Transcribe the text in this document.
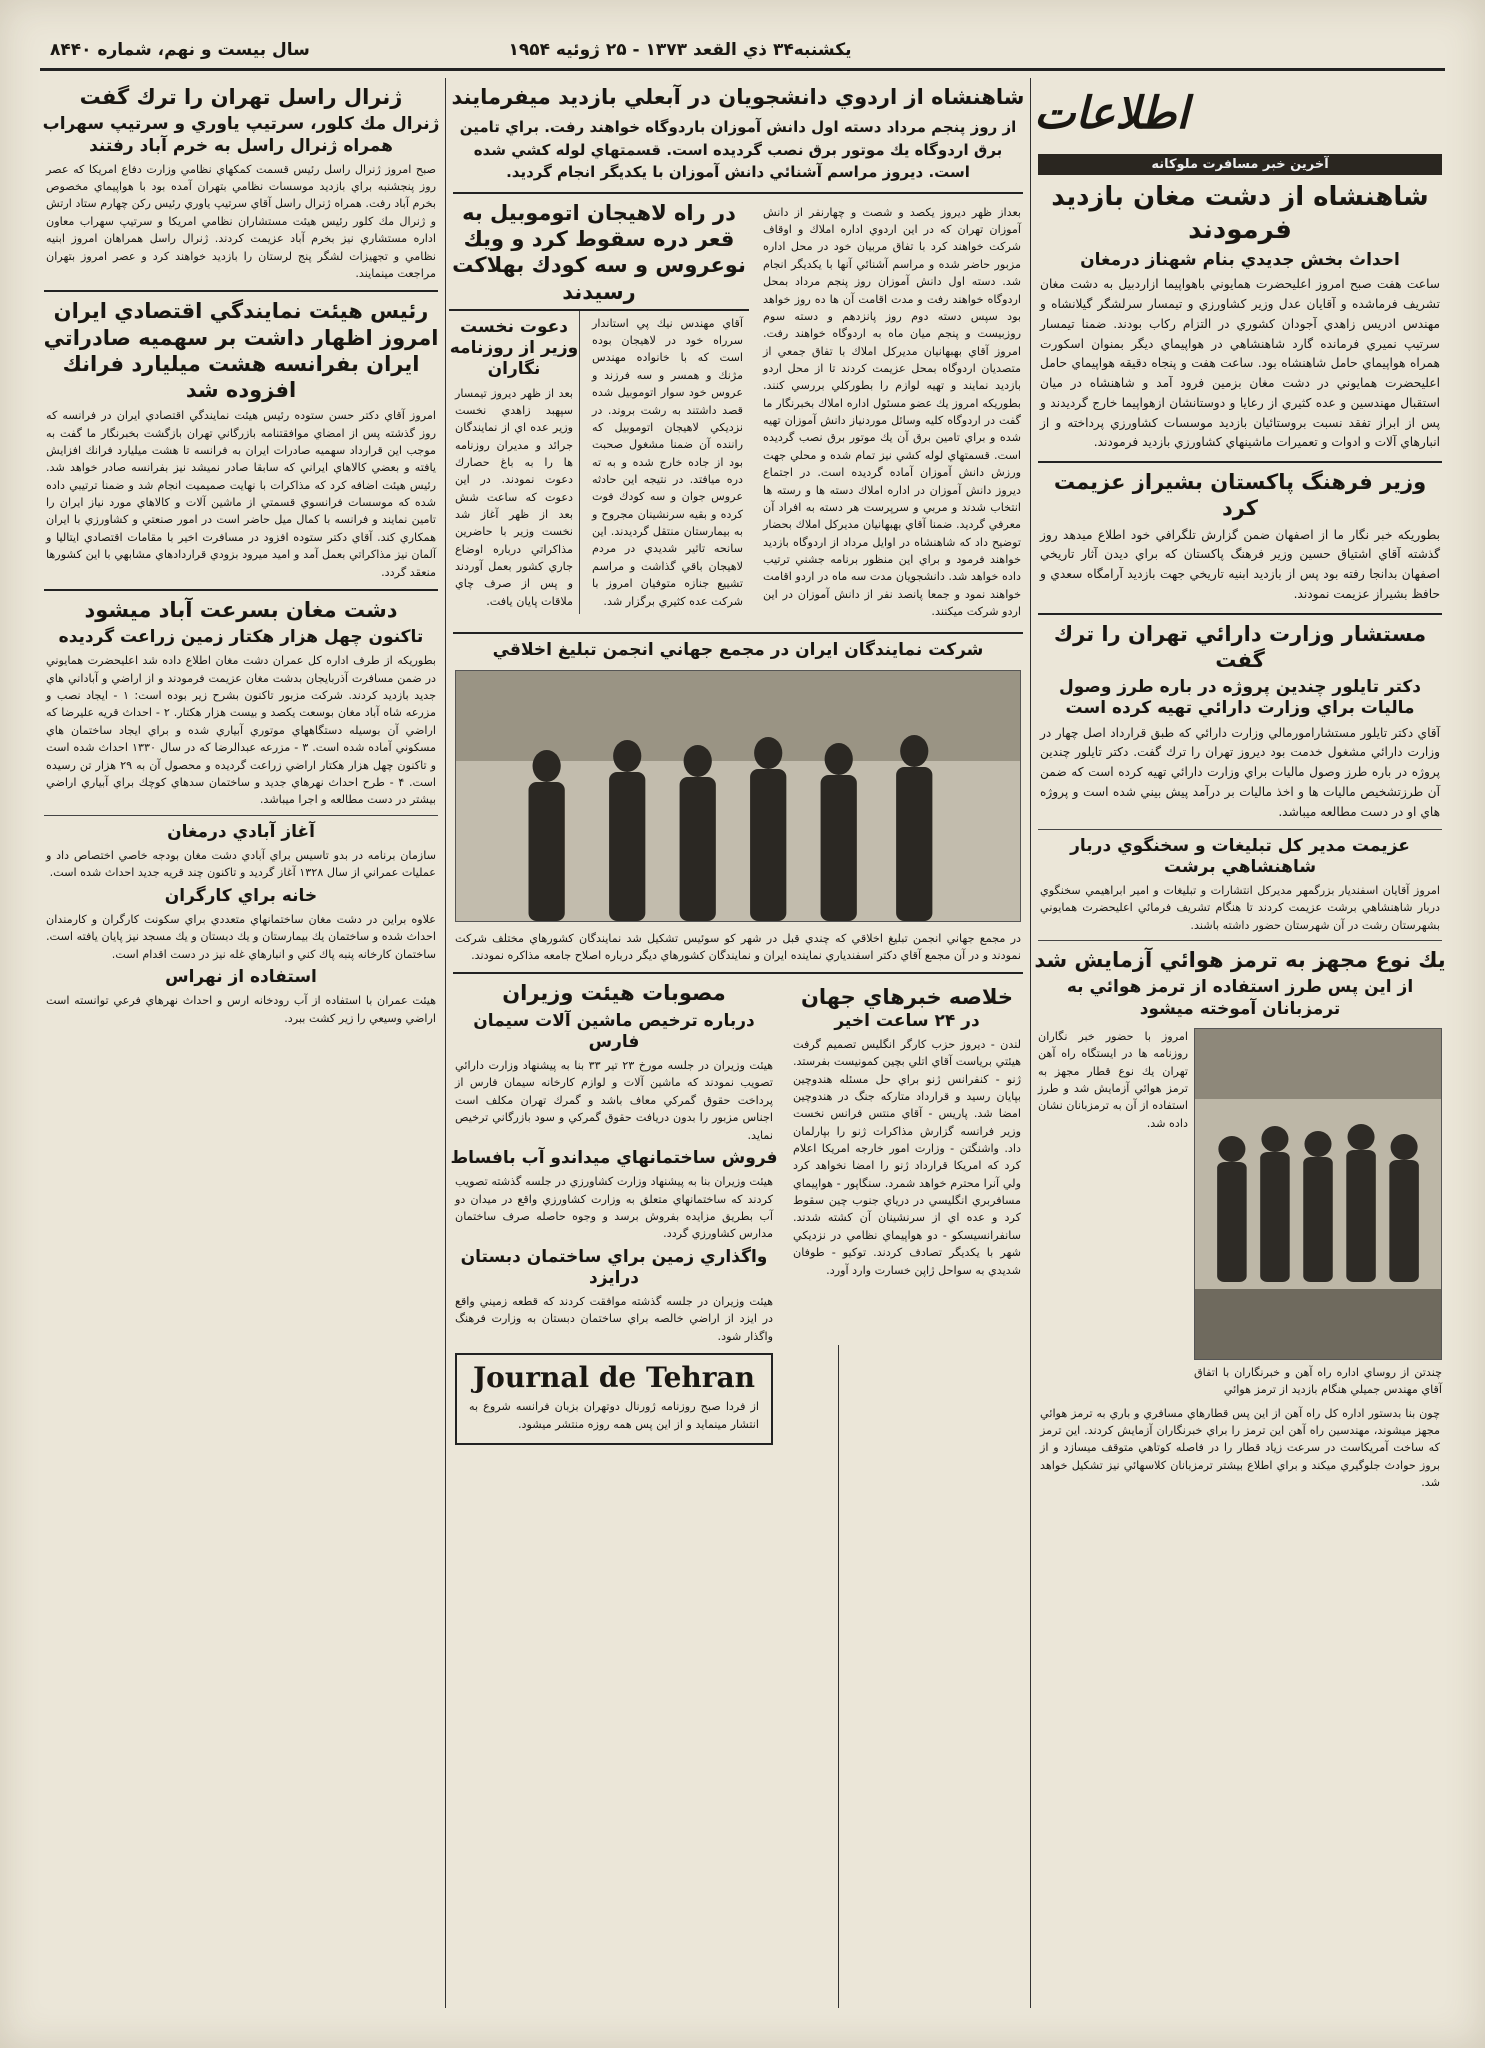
سال بيست و نهم، شماره ۸۴۴۰	يكشنبه۳۴ ذي القعد ۱۳۷۳ - ۲۵ ژوئيه ۱۹۵۴
اطلاعات
آخرين خبر مسافرت ملوكانه
شاهنشاه از دشت مغان بازديد فرمودند
احداث بخش جديدي بنام شهناز درمغان
ساعت هفت صبح امروز اعليحضرت همايوني باهواپيما ازاردبيل به دشت مغان تشريف فرماشده و آقايان عدل وزير كشاورزي و تيمسار سرلشگر گيلانشاه و مهندس ادريس زاهدي آجودان كشوري در التزام ركاب بودند. ضمنا تيمسار سرتيپ نميري فرمانده گارد شاهنشاهي در هواپيماي ديگر بمنوان اسكورت همراه هواپيماي حامل شاهنشاه بود. ساعت هفت و پنجاه دقيقه هواپيماي حامل اعليحضرت همايوني در دشت مغان بزمين فرود آمد و شاهنشاه در ميان استقبال مهندسين و عده كثيري از رعايا و دوستانشان ازهواپيما خارج گرديدند و پس از ابراز تفقد نسبت بروستائيان بازديد موسسات كشاورزي پرداخته و از انبارهاي آلات و ادوات و تعميرات ماشينهاي كشاورزي بازديد فرمودند.
وزير فرهنگ پاكستان بشيراز عزيمت كرد
بطوريكه خبر نگار ما از اصفهان ضمن گزارش تلگرافي خود اطلاع ميدهد روز گذشته آقاي اشتياق حسين وزير فرهنگ پاكستان كه براي ديدن آثار تاريخي اصفهان بدانجا رفته بود پس از بازديد ابنيه تاريخي جهت بازديد آرامگاه سعدي و حافظ بشيراز عزيمت نمودند.
مستشار وزارت دارائي تهران را ترك گفت
دكتر تايلور چندين پروژه در باره طرز وصول ماليات براي وزارت دارائي تهيه كرده است
آقاي دكتر تايلور مستشارامورمالي وزارت دارائي كه طبق قرارداد اصل چهار در وزارت دارائي مشغول خدمت بود ديروز تهران را ترك گفت. دكتر تايلور چندين پروژه در باره طرز وصول ماليات براي وزارت دارائي تهيه كرده است كه ضمن آن طرزتشخيص ماليات ها و اخذ ماليات بر درآمد پيش بيني شده است و پروژه هاي او در دست مطالعه ميباشد.
عزيمت مدير كل تبليغات و سخنگوي دربار شاهنشاهي برشت
امروز آقايان اسفنديار بزرگمهر مديركل انتشارات و تبليغات و امير ابراهيمي سخنگوي دربار شاهنشاهي برشت عزيمت كردند تا هنگام تشريف فرمائي اعليحضرت همايوني بشهرستان رشت در آن شهرستان حضور داشته باشند.
يك نوع مجهز به ترمز هوائي آزمايش شد
از اين پس طرز استفاده از ترمز هوائي به ترمزبانان آموخته ميشود
چندتن از روساي اداره راه آهن و خبرنگاران با اتفاق آقاي مهندس جميلي هنگام بازديد از ترمز هوائي
امروز با حضور خبر نگاران روزنامه ها در ايستگاه راه آهن تهران يك نوع قطار مجهز به ترمز هوائي آزمايش شد و طرز استفاده از آن به ترمزبانان نشان داده شد.
چون بنا بدستور اداره كل راه آهن از اين پس قطارهاي مسافري و باري به ترمز هوائي مجهز ميشوند، مهندسين راه آهن اين ترمز را براي خبرنگاران آزمايش كردند. اين ترمز كه ساخت آمريكاست در سرعت زياد قطار را در فاصله كوتاهي متوقف ميسازد و از بروز حوادث جلوگيري ميكند و براي اطلاع بيشتر ترمزبانان كلاسهائي نيز تشكيل خواهد شد.
شاهنشاه از اردوي دانشجويان در آبعلي بازديد ميفرمايند
از روز پنجم مرداد دسته اول دانش آموزان باردوگاه خواهند رفت. براي تامين برق اردوگاه يك موتور برق نصب گرديده است. قسمتهاي لوله كشي شده است. ديروز مراسم آشنائي دانش آموزان با يكديگر انجام گرديد.
بعداز ظهر ديروز يكصد و شصت و چهارنفر از دانش آموزان تهران كه در اين اردوي اداره املاك و اوقاف شركت خواهند كرد با تفاق مربيان خود در محل اداره مزبور حاضر شده و مراسم آشنائي آنها با يكديگر انجام شد. دسته اول دانش آموزان روز پنجم مرداد بمحل اردوگاه خواهند رفت و مدت اقامت آن ها ده روز خواهد بود سپس دسته دوم روز پانزدهم و دسته سوم روزبيست و پنجم ميان ماه به اردوگاه خواهند رفت. امروز آقاي بهبهانيان مديركل املاك با تفاق جمعي از متصديان اردوگاه بمحل عزيمت كردند تا از محل اردو بازديد نمايند و تهيه لوازم را بطوركلي بررسي كنند. بطوريكه امروز يك عضو مسئول اداره املاك بخبرنگار ما گفت در اردوگاه كليه وسائل موردنياز دانش آموزان تهيه شده و براي تامين برق آن يك موتور برق نصب گرديده است. قسمتهاي لوله كشي نيز تمام شده و محلي جهت ورزش دانش آموزان آماده گرديده است. در اجتماع ديروز دانش آموزان در اداره املاك دسته ها و رسته ها انتخاب شدند و مربي و سرپرست هر دسته به افراد آن معرفي گرديد. ضمنا آقاي بهبهانيان مديركل املاك بحضار توضيح داد كه شاهنشاه در اوايل مرداد از اردوگاه بازديد خواهند فرمود و براي اين منظور برنامه جشني ترتيب داده خواهد شد. دانشجويان مدت سه ماه در اردو اقامت خواهند نمود و جمعا پانصد نفر از دانش آموزان در اين اردو شركت ميكنند.
در راه لاهيجان اتوموبيل به قعر دره سقوط كرد و ويك نوعروس و سه كودك بهلاكت رسيدند
آقاي مهندس نيك پي استاندار سرراه خود در لاهيجان بوده است كه با خانواده مهندس مژنك و همسر و سه فرزند و عروس خود سوار اتوموبيل شده قصد داشتند به رشت بروند. در نزديكي لاهيجان اتوموبيل كه راننده آن ضمنا مشغول صحبت بود از جاده خارج شده و به ته دره ميافتد. در نتيجه اين حادثه عروس جوان و سه كودك فوت كرده و بقيه سرنشينان مجروح و به بيمارستان منتقل گرديدند. اين سانحه تاثير شديدي در مردم لاهيجان باقي گذاشت و مراسم تشييع جنازه متوفيان امروز با شركت عده كثيري برگزار شد.
دعوت نخست وزير از روزنامه نگاران
بعد از ظهر ديروز تيمسار سپهبد زاهدي نخست وزير عده اي از نمايندگان جرائد و مديران روزنامه ها را به باغ حصارك دعوت نمودند. در اين دعوت كه ساعت شش بعد از ظهر آغاز شد نخست وزير با حاضرين مذاكراتي درباره اوضاع جاري كشور بعمل آوردند و پس از صرف چاي ملاقات پايان يافت.
شركت نمايندگان ايران در مجمع جهاني انجمن تبليغ اخلاقي
در مجمع جهاني انجمن تبليغ اخلاقي كه چندي قبل در شهر كو سوئيس تشكيل شد نمايندگان كشورهاي مختلف شركت نمودند و در آن مجمع آقاي دكتر اسفندياري نماينده ايران و نمايندگان كشورهاي ديگر درباره اصلاح جامعه مذاكره نمودند.
خلاصه خبرهاي جهان
در ۲۴ ساعت اخير
لندن - ديروز حزب كارگر انگليس تصميم گرفت هيئتي برياست آقاي اتلي بچين كمونيست بفرستد. ژنو - كنفرانس ژنو براي حل مسئله هندوچين بپايان رسيد و قرارداد متاركه جنگ در هندوچين امضا شد. پاريس - آقاي منتس فرانس نخست وزير فرانسه گزارش مذاكرات ژنو را بپارلمان داد. واشنگتن - وزارت امور خارجه امريكا اعلام كرد كه امريكا قرارداد ژنو را امضا نخواهد كرد ولي آنرا محترم خواهد شمرد. سنگاپور - هواپيماي مسافربري انگليسي در درياي جنوب چين سقوط كرد و عده اي از سرنشينان آن كشته شدند. سانفرانسيسكو - دو هواپيماي نظامي در نزديكي شهر با يكديگر تصادف كردند. توكيو - طوفان شديدي به سواحل ژاپن خسارت وارد آورد.
مصوبات هيئت وزيران
درباره ترخيص ماشين آلات سيمان فارس
هيئت وزيران در جلسه مورخ ۲۳ تير ۳۳ بنا به پيشنهاد وزارت دارائي تصويب نمودند كه ماشين آلات و لوازم كارخانه سيمان فارس از پرداخت حقوق گمركي معاف باشد و گمرك تهران مكلف است اجناس مزبور را بدون دريافت حقوق گمركي و سود بازرگاني ترخيص نمايد.
فروش ساختمانهاي ميداندو آب بافساط
هيئت وزيران بنا به پيشنهاد وزارت كشاورزي در جلسه گذشته تصويب كردند كه ساختمانهاي متعلق به وزارت كشاورزي واقع در ميدان دو آب بطريق مزايده بفروش برسد و وجوه حاصله صرف ساختمان مدارس كشاورزي گردد.
واگذاري زمين براي ساختمان دبستان درايزد
هيئت وزيران در جلسه گذشته موافقت كردند كه قطعه زميني واقع در ايزد از اراضي خالصه براي ساختمان دبستان به وزارت فرهنگ واگذار شود.
Journal de Tehran
از فردا صبح روزنامه ژورنال دوتهران بزبان فرانسه شروع به انتشار مينمايد و از اين پس همه روزه منتشر ميشود.
ژنرال راسل تهران را ترك گفت
ژنرال مك كلور، سرتيپ ياوري و سرتيپ سهراب همراه ژنرال راسل به خرم آباد رفتند
صبح امروز ژنرال راسل رئيس قسمت كمكهاي نظامي وزارت دفاع امريكا كه عصر روز پنجشنبه براي بازديد موسسات نظامي بتهران آمده بود با هواپيماي مخصوص بخرم آباد رفت. همراه ژنرال راسل آقاي سرتيپ ياوري رئيس ركن چهارم ستاد ارتش و ژنرال مك كلور رئيس هيئت مستشاران نظامي امريكا و سرتيپ سهراب معاون اداره مستشاري نيز بخرم آباد عزيمت كردند. ژنرال راسل همراهان امروز ابنيه نظامي و تجهيزات لشگر پنج لرستان را بازديد خواهند كرد و عصر امروز بتهران مراجعت مينمايند.
رئيس هيئت نمايندگي اقتصادي ايران امروز اظهار داشت بر سهميه صادراتي ايران بفرانسه هشت ميليارد فرانك افزوده شد
امروز آقاي دكتر حسن ستوده رئيس هيئت نمايندگي اقتصادي ايران در فرانسه كه روز گذشته پس از امضاي موافقتنامه بازرگاني تهران بازگشت بخبرنگار ما گفت به موجب اين قرارداد سهميه صادرات ايران به فرانسه تا هشت ميليارد فرانك افزايش يافته و بعضي كالاهاي ايراني كه سابقا صادر نميشد نيز بفرانسه صادر خواهد شد. رئيس هيئت اضافه كرد كه مذاكرات با نهايت صميميت انجام شد و ضمنا ترتيبي داده شده كه موسسات فرانسوي قسمتي از ماشين آلات و كالاهاي مورد نياز ايران را تامين نمايند و فرانسه با كمال ميل حاضر است در امور صنعتي و كشاورزي با ايران همكاري كند. آقاي دكتر ستوده افزود در مسافرت اخير با مقامات اقتصادي ايتاليا و آلمان نيز مذاكراتي بعمل آمد و اميد ميرود بزودي قراردادهاي مشابهي با اين كشورها منعقد گردد.
دشت مغان بسرعت آباد ميشود
تاكنون چهل هزار هكتار زمين زراعت گرديده
بطوريكه از طرف اداره كل عمران دشت مغان اطلاع داده شد اعليحضرت همايوني در ضمن مسافرت آذربايجان بدشت مغان عزيمت فرمودند و از اراضي و آباداني هاي جديد بازديد كردند. شركت مزبور تاكنون بشرح زير بوده است: ۱ - ايجاد نصب و مزرعه شاه آباد مغان بوسعت يكصد و بيست هزار هكتار. ۲ - احداث قريه عليرضا كه اراضي آن بوسيله دستگاههاي موتوري آبياري شده و براي ايجاد ساختمان هاي مسكوني آماده شده است. ۳ - مزرعه عبدالرضا كه در سال ۱۳۳۰ احداث شده است و تاكنون چهل هزار هكتار اراضي زراعت گرديده و محصول آن به ۲۹ هزار تن رسيده است. ۴ - طرح احداث نهرهاي جديد و ساختمان سدهاي كوچك براي آبياري اراضي بيشتر در دست مطالعه و اجرا ميباشد.
آغاز آبادي درمغان
سازمان برنامه در بدو تاسيس براي آبادي دشت مغان بودجه خاصي اختصاص داد و عمليات عمراني از سال ۱۳۲۸ آغاز گرديد و تاكنون چند قريه جديد احداث شده است.
خانه براي كارگران
علاوه براين در دشت مغان ساختمانهاي متعددي براي سكونت كارگران و كارمندان احداث شده و ساختمان يك بيمارستان و يك دبستان و يك مسجد نيز پايان يافته است. ساختمان كارخانه پنبه پاك كني و انبارهاي غله نيز در دست اقدام است.
استفاده از نهراس
هيئت عمران با استفاده از آب رودخانه ارس و احداث نهرهاي فرعي توانسته است اراضي وسيعي را زير كشت ببرد.
